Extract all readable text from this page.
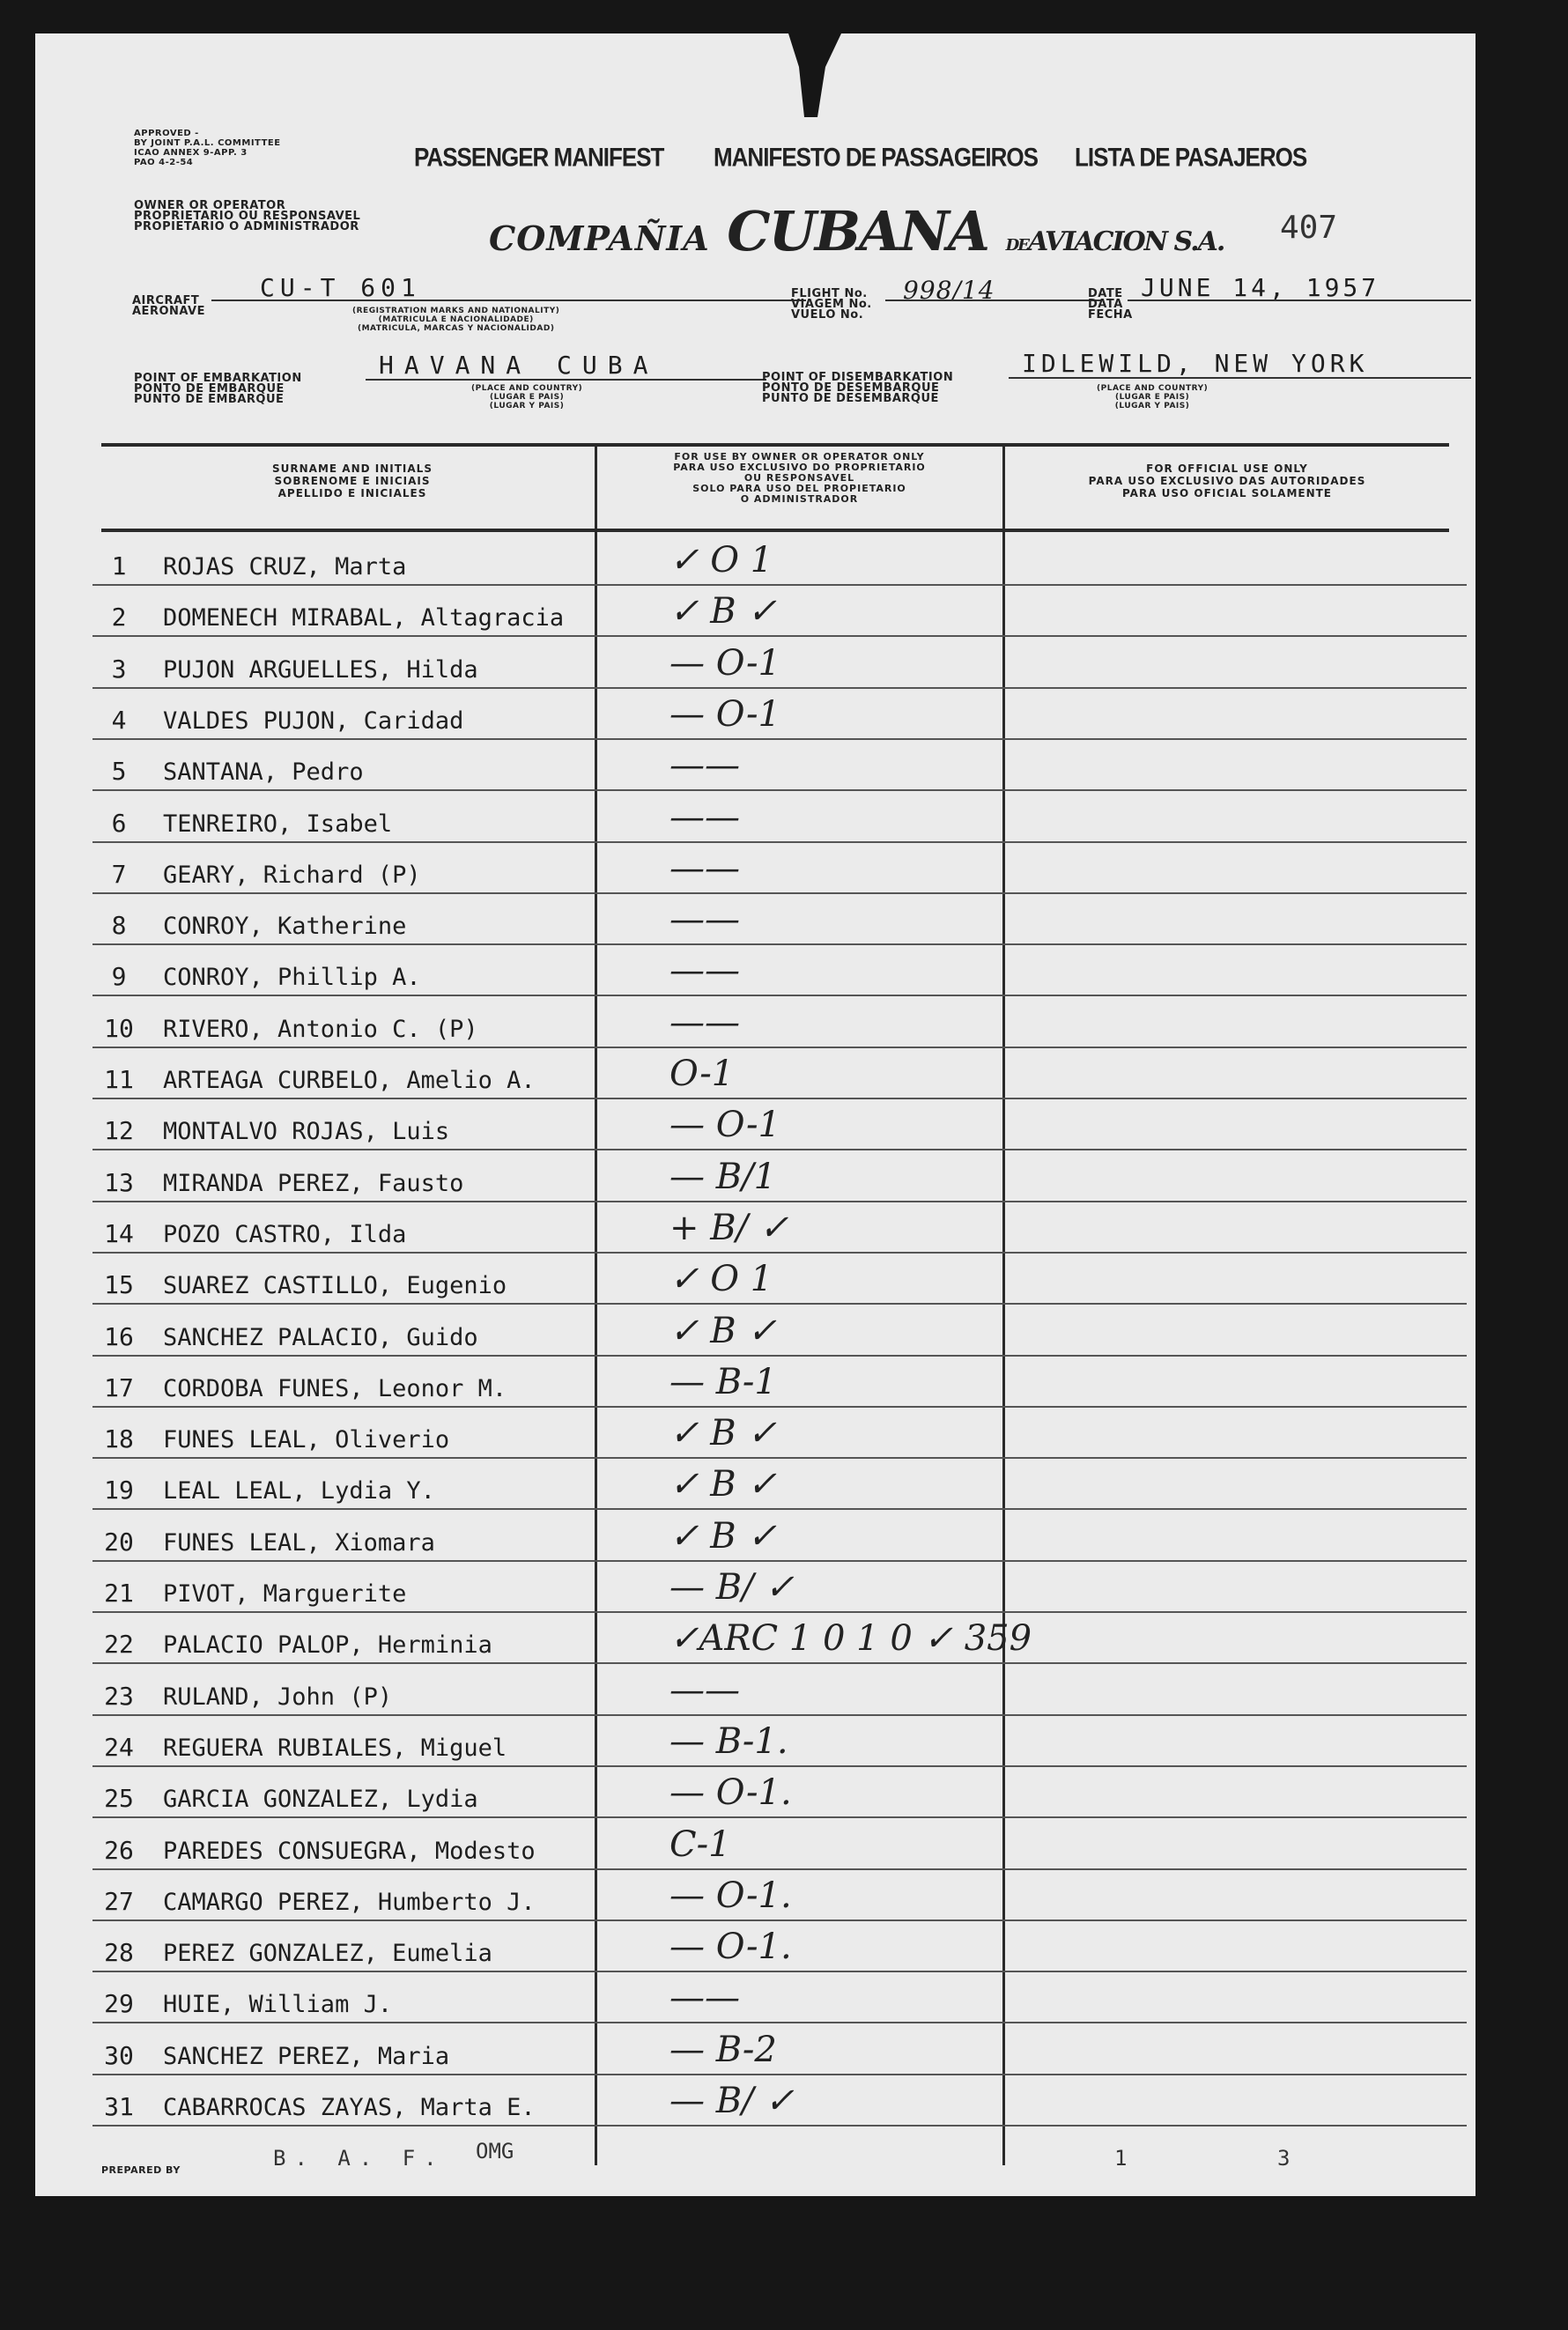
APPROVED -
BY JOINT P.A.L. COMMITTEE
ICAO ANNEX 9-APP. 3
PAO 4-2-54	PASSENGER MANIFEST MANIFESTO DE PASSAGEIROS LISTA DE PASAJEROS
OWNER OR OPERATOR
PROPRIETARIO OU RESPONSAVEL
PROPIETARIO O ADMINISTRADOR	COMPAÑIA CUBANA DEAVIACION S.A. 407
AIRCRAFT
AERONAVE
CU-T 601
(REGISTRATION MARKS AND NATIONALITY)
(MATRICULA E NACIONALIDADE)
(MATRICULA, MARCAS Y NACIONALIDAD)
FLIGHT No.
VIAGEM No.
VUELO No.
998/14	DATE
DATA
FECHA
JUNE 14, 1957
POINT OF EMBARKATION
PONTO DE EMBARQUE
PUNTO DE EMBARQUE
HAVANA CUBA
(PLACE AND COUNTRY)
(LUGAR E PAIS)
(LUGAR Y PAIS)
POINT OF DISEMBARKATION
PONTO DE DESEMBARQUE
PUNTO DE DESEMBARQUE
IDLEWILD, NEW YORK
(PLACE AND COUNTRY)
(LUGAR E PAIS)
(LUGAR Y PAIS)
SURNAME AND INITIALS
SOBRENOME E INICIAIS
APELLIDO E INICIALES
FOR USE BY OWNER OR OPERATOR ONLY
PARA USO EXCLUSIVO DO PROPRIETARIO
OU RESPONSAVEL
SOLO PARA USO DEL PROPIETARIO
O ADMINISTRADOR
FOR OFFICIAL USE ONLY
PARA USO EXCLUSIVO DAS AUTORIDADES
PARA USO OFICIAL SOLAMENTE
1	ROJAS CRUZ, Marta	✓ O 1
2	DOMENECH MIRABAL, Altagracia	✓ B ✓
3	PUJON ARGUELLES, Hilda	— O-1
4	VALDES PUJON, Caridad	— O-1
5	SANTANA, Pedro	——
6	TENREIRO, Isabel	——
7	GEARY, Richard (P)	——
8	CONROY, Katherine	——
9	CONROY, Phillip A.	——
10	RIVERO, Antonio C. (P)	——
11	ARTEAGA CURBELO, Amelio A.	O-1
12	MONTALVO ROJAS, Luis	— O-1
13	MIRANDA PEREZ, Fausto	— B/1
14	POZO CASTRO, Ilda	+ B/ ✓
15	SUAREZ CASTILLO, Eugenio	✓ O 1
16	SANCHEZ PALACIO, Guido	✓ B ✓
17	CORDOBA FUNES, Leonor M.	— B-1
18	FUNES LEAL, Oliverio	✓ B ✓
19	LEAL LEAL, Lydia Y.	✓ B ✓
20	FUNES LEAL, Xiomara	✓ B ✓
21	PIVOT, Marguerite	— B/ ✓
22	PALACIO PALOP, Herminia	✓ARC 1 0 1 0 ✓ 359
23	RULAND, John (P)	——
24	REGUERA RUBIALES, Miguel	— B-1.
25	GARCIA GONZALEZ, Lydia	— O-1.
26	PAREDES CONSUEGRA, Modesto	C-1
27	CAMARGO PEREZ, Humberto J.	— O-1.
28	PEREZ GONZALEZ, Eumelia	— O-1.
29	HUIE, William J.	——
30	SANCHEZ PEREZ, Maria	— B-2
31	CABARROCAS ZAYAS, Marta E.	— B/ ✓
PREPARED BY	B. A. F. OMG	1	3
